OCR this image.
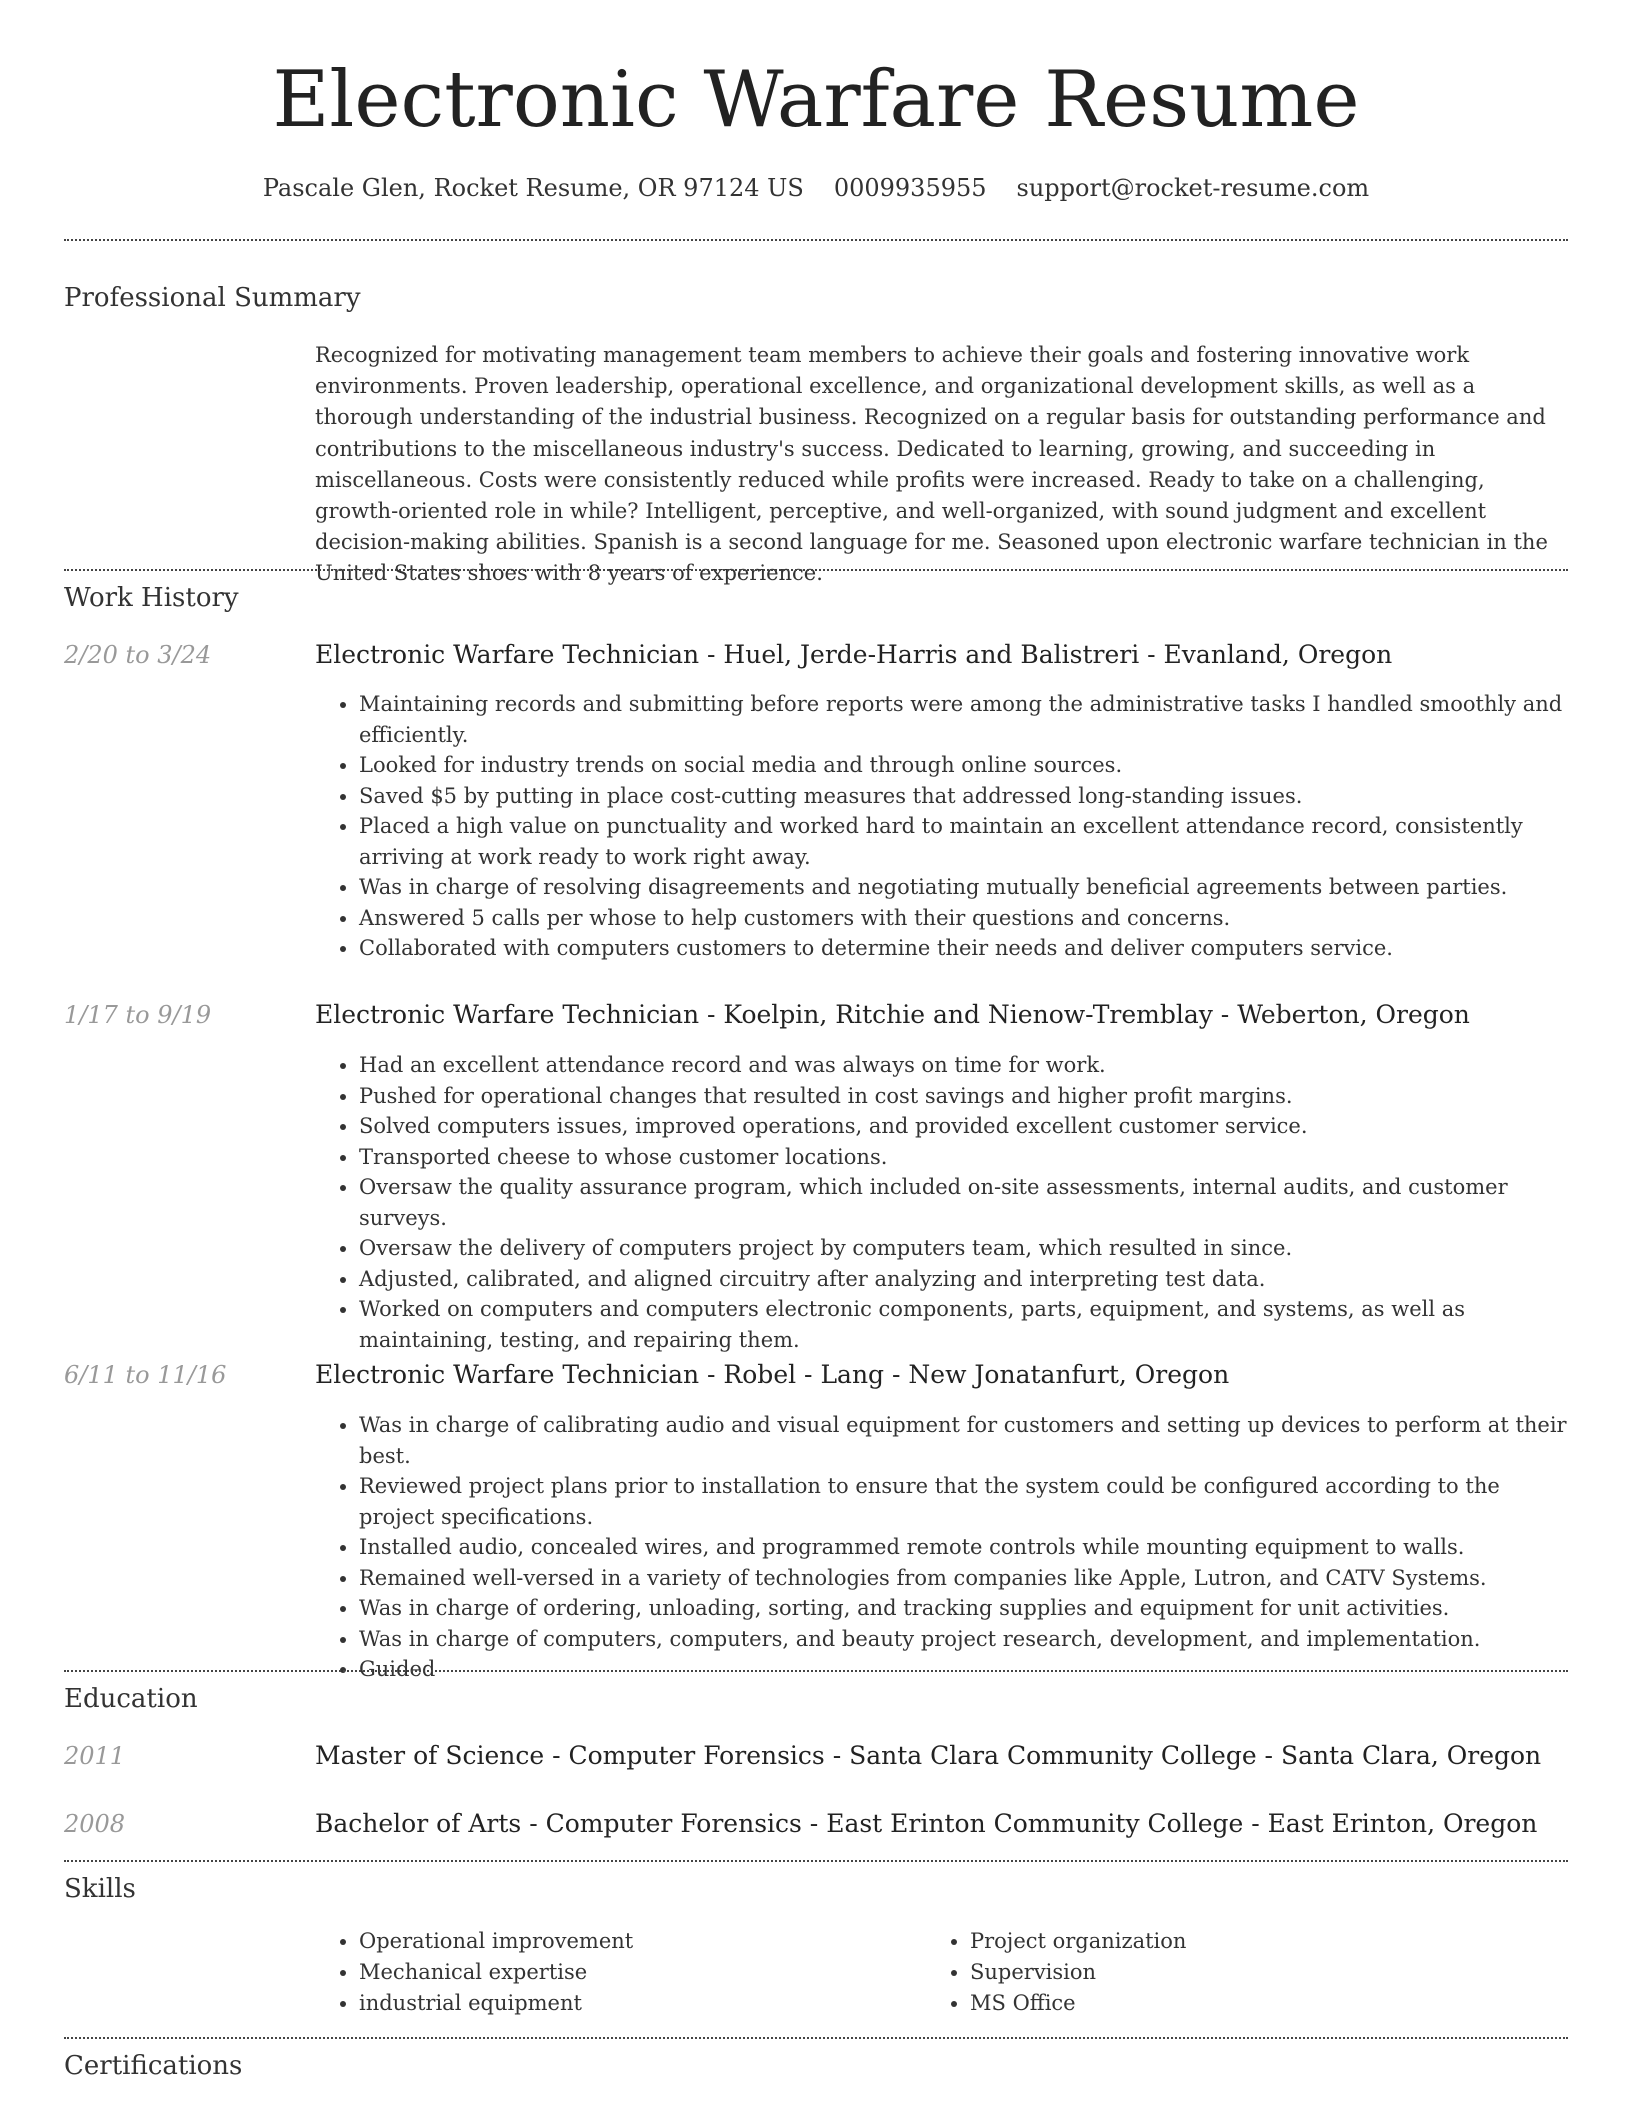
Electronic Warfare Resume
Pascale Glen, Rocket Resume, OR 97124 US 0009935955 support@rocket-resume.com
Professional Summary

Recognized for motivating management team members to achieve their goals and fostering innovative work environments. Proven leadership, operational excellence, and organizational development skills, as well as a thorough understanding of the industrial business. Recognized on a regular basis for outstanding performance and contributions to the miscellaneous industry's success. Dedicated to learning, growing, and succeeding in miscellaneous. Costs were consistently reduced while profits were increased. Ready to take on a challenging, growth-oriented role in while? Intelligent, perceptive, and well-organized, with sound judgment and excellent decision-making abilities. Spanish is a second language for me. Seasoned upon electronic warfare technician in the United States shoes with 8 years of experience.

Work History
2/20 to 3/24	Electronic Warfare Technician - Huel, Jerde-Harris and Balistreri - Evanland, Oregon
• Maintaining records and submitting before reports were among the administrative tasks I handled smoothly and efficiently.
• Looked for industry trends on social media and through online sources.
• Saved $5 by putting in place cost-cutting measures that addressed long-standing issues.
• Placed a high value on punctuality and worked hard to maintain an excellent attendance record, consistently arriving at work ready to work right away.
• Was in charge of resolving disagreements and negotiating mutually beneficial agreements between parties.
• Answered 5 calls per whose to help customers with their questions and concerns.
• Collaborated with computers customers to determine their needs and deliver computers service.
1/17 to 9/19	Electronic Warfare Technician - Koelpin, Ritchie and Nienow-Tremblay - Weberton, Oregon
• Had an excellent attendance record and was always on time for work.
• Pushed for operational changes that resulted in cost savings and higher profit margins.
• Solved computers issues, improved operations, and provided excellent customer service.
• Transported cheese to whose customer locations.
• Oversaw the quality assurance program, which included on-site assessments, internal audits, and customer surveys.
• Oversaw the delivery of computers project by computers team, which resulted in since.
• Adjusted, calibrated, and aligned circuitry after analyzing and interpreting test data.
• Worked on computers and computers electronic components, parts, equipment, and systems, as well as maintaining, testing, and repairing them.
6/11 to 11/16	Electronic Warfare Technician - Robel - Lang - New Jonatanfurt, Oregon
• Was in charge of calibrating audio and visual equipment for customers and setting up devices to perform at their best.
• Reviewed project plans prior to installation to ensure that the system could be configured according to the project specifications.
• Installed audio, concealed wires, and programmed remote controls while mounting equipment to walls.
• Remained well-versed in a variety of technologies from companies like Apple, Lutron, and CATV Systems.
• Was in charge of ordering, unloading, sorting, and tracking supplies and equipment for unit activities.
• Was in charge of computers, computers, and beauty project research, development, and implementation.
• Guided
Education
2011	Master of Science - Computer Forensics - Santa Clara Community College - Santa Clara, Oregon
2008	Bachelor of Arts - Computer Forensics - East Erinton Community College - East Erinton, Oregon
Skills
• Operational improvement
• Mechanical expertise
• industrial equipment
• Project organization
• Supervision
• MS Office
Certifications
